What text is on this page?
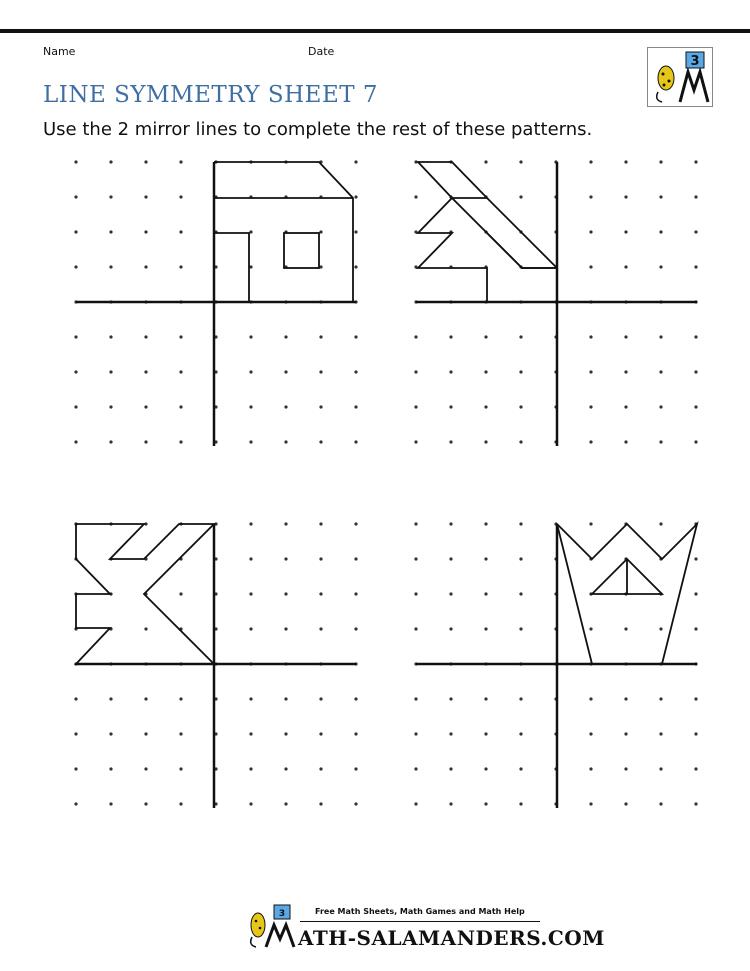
Name	Date
3
LINE SYMMETRY SHEET 7
Use the 2 mirror lines to complete the rest of these patterns.
3	Free Math Sheets, Math Games and Math Help
ATH-SALAMANDERS.COM
